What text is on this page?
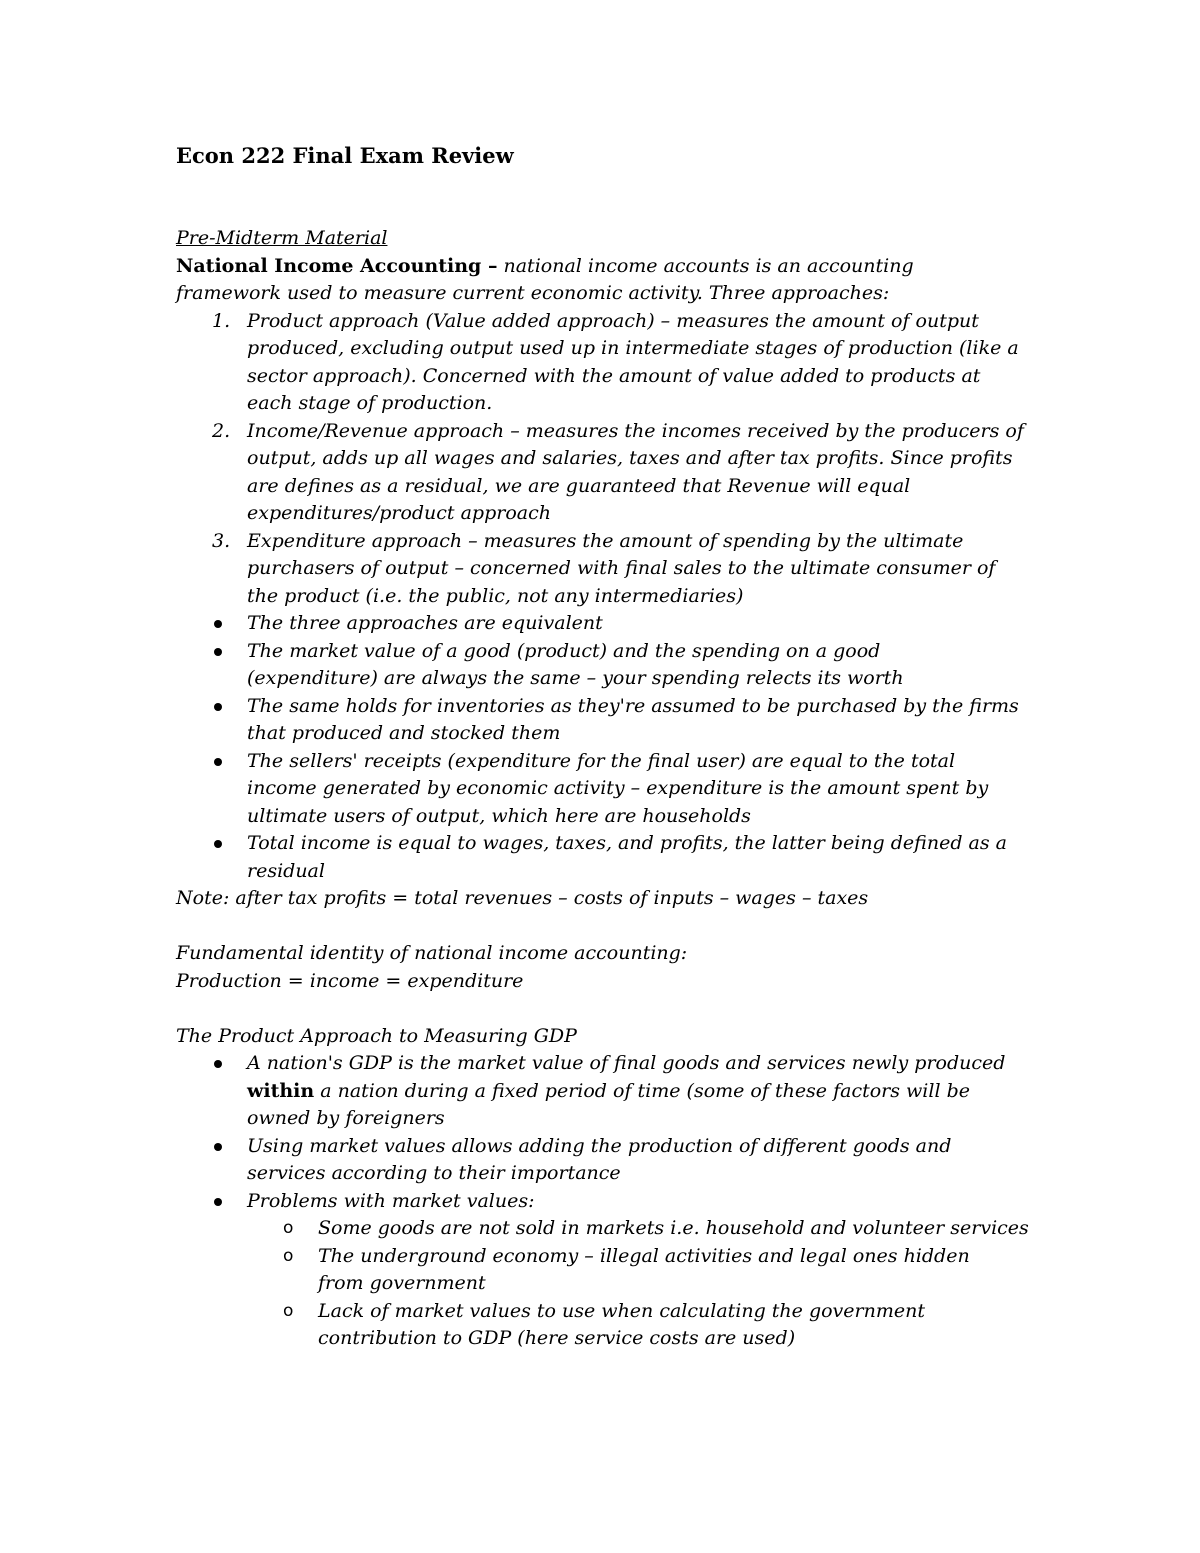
Econ 222 Final Exam Review
Pre-Midterm Material
National Income Accounting – national income accounts is an accounting
framework used to measure current economic activity. Three approaches:
1. Product approach (Value added approach) – measures the amount of output
produced, excluding output used up in intermediate stages of production (like a
sector approach). Concerned with the amount of value added to products at
each stage of production.
2. Income/Revenue approach – measures the incomes received by the producers of
output, adds up all wages and salaries, taxes and after tax profits. Since profits
are defines as a residual, we are guaranteed that Revenue will equal
expenditures/product approach
3. Expenditure approach – measures the amount of spending by the ultimate
purchasers of output – concerned with final sales to the ultimate consumer of
the product (i.e. the public, not any intermediaries)
The three approaches are equivalent
The market value of a good (product) and the spending on a good
(expenditure) are always the same – your spending relects its worth
The same holds for inventories as they're assumed to be purchased by the firms
that produced and stocked them
The sellers' receipts (expenditure for the final user) are equal to the total
income generated by economic activity – expenditure is the amount spent by
ultimate users of output, which here are households
Total income is equal to wages, taxes, and profits, the latter being defined as a
residual
Note: after tax profits = total revenues – costs of inputs – wages – taxes
Fundamental identity of national income accounting:
Production = income = expenditure
The Product Approach to Measuring GDP
A nation's GDP is the market value of final goods and services newly produced
within a nation during a fixed period of time (some of these factors will be
owned by foreigners
Using market values allows adding the production of different goods and
services according to their importance
Problems with market values:
o Some goods are not sold in markets i.e. household and volunteer services
o The underground economy – illegal activities and legal ones hidden
from government
o Lack of market values to use when calculating the government
contribution to GDP (here service costs are used)
